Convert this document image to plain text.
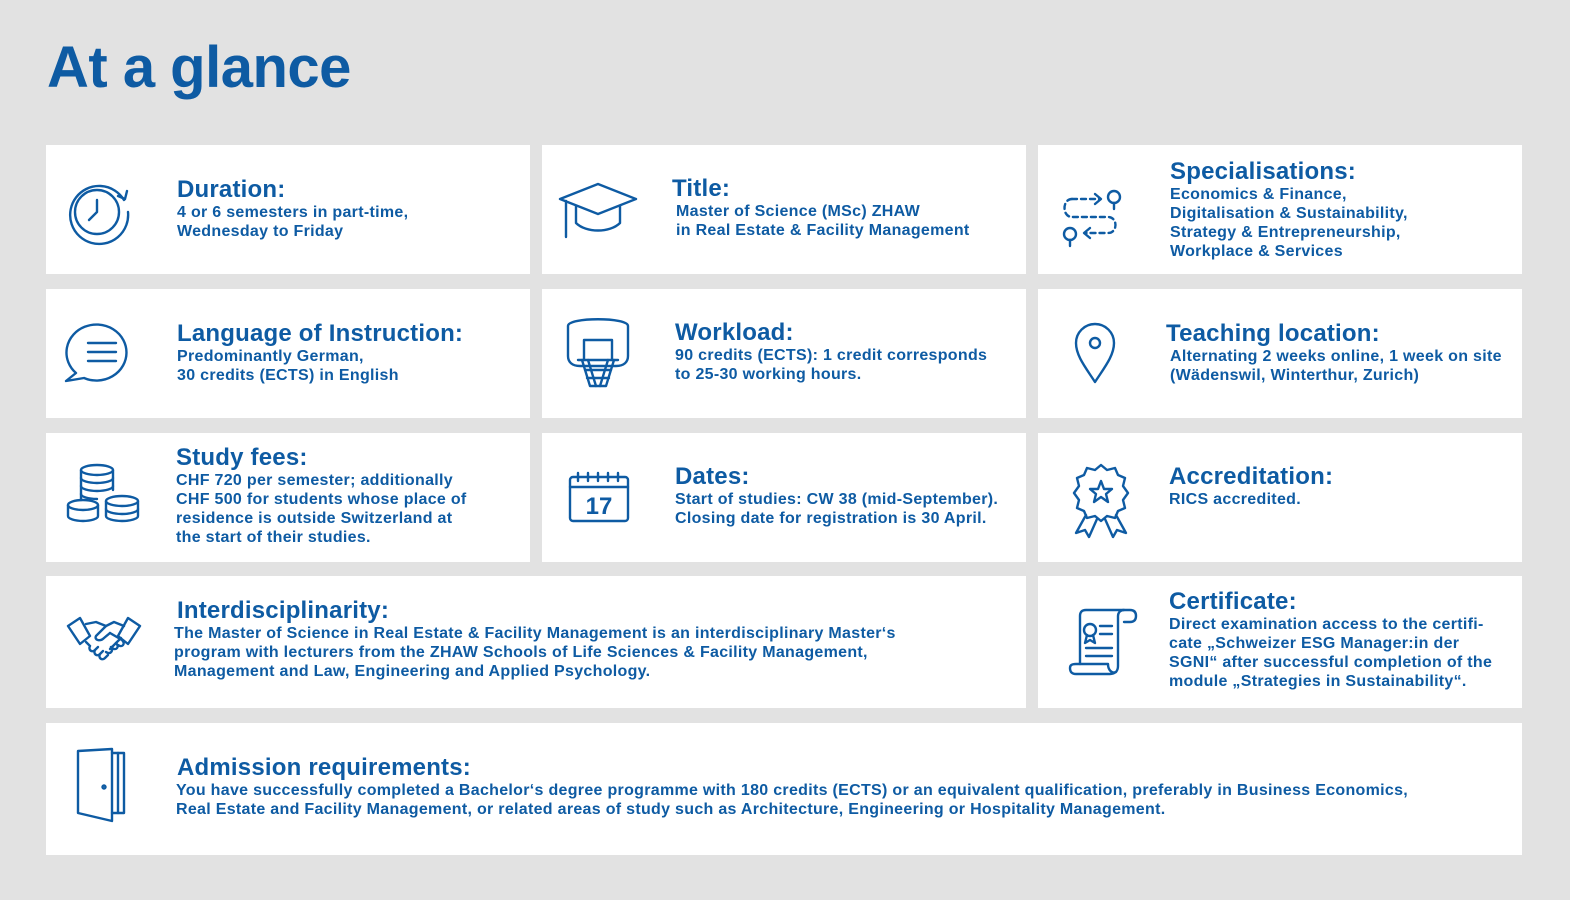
At a glance
Duration:
4 or 6 semesters in part-time,
Wednesday to Friday
Title:
Master of Science (MSc) ZHAW
in Real Estate & Facility Management
Specialisations:
Economics & Finance,
Digitalisation & Sustainability,
Strategy & Entrepreneurship,
Workplace & Services
Language of Instruction:
Predominantly German,
30 credits (ECTS) in English
Workload:
90 credits (ECTS): 1 credit corresponds
to 25-30 working hours.
Teaching location:
Alternating 2 weeks online, 1 week on site
(Wädenswil, Winterthur, Zurich)
Study fees:
CHF 720 per semester; additionally
CHF 500 for students whose place of
residence is outside Switzerland at
the start of their studies.
17
Dates:
Start of studies: CW 38 (mid-September).
Closing date for registration is 30 April.
Accreditation:
RICS accredited.
Interdisciplinarity:
The Master of Science in Real Estate & Facility Management is an interdisciplinary Master‘s
program with lecturers from the ZHAW Schools of Life Sciences & Facility Management,
Management and Law, Engineering and Applied Psychology.
Certificate:
Direct examination access to the certifi-
cate „Schweizer ESG Manager:in der
SGNI“ after successful completion of the
module „Strategies in Sustainability“.
Admission requirements:
You have successfully completed a Bachelor‘s degree programme with 180 credits (ECTS) or an equivalent qualification, preferably in Business Economics,
Real Estate and Facility Management, or related areas of study such as Architecture, Engineering or Hospitality Management.
